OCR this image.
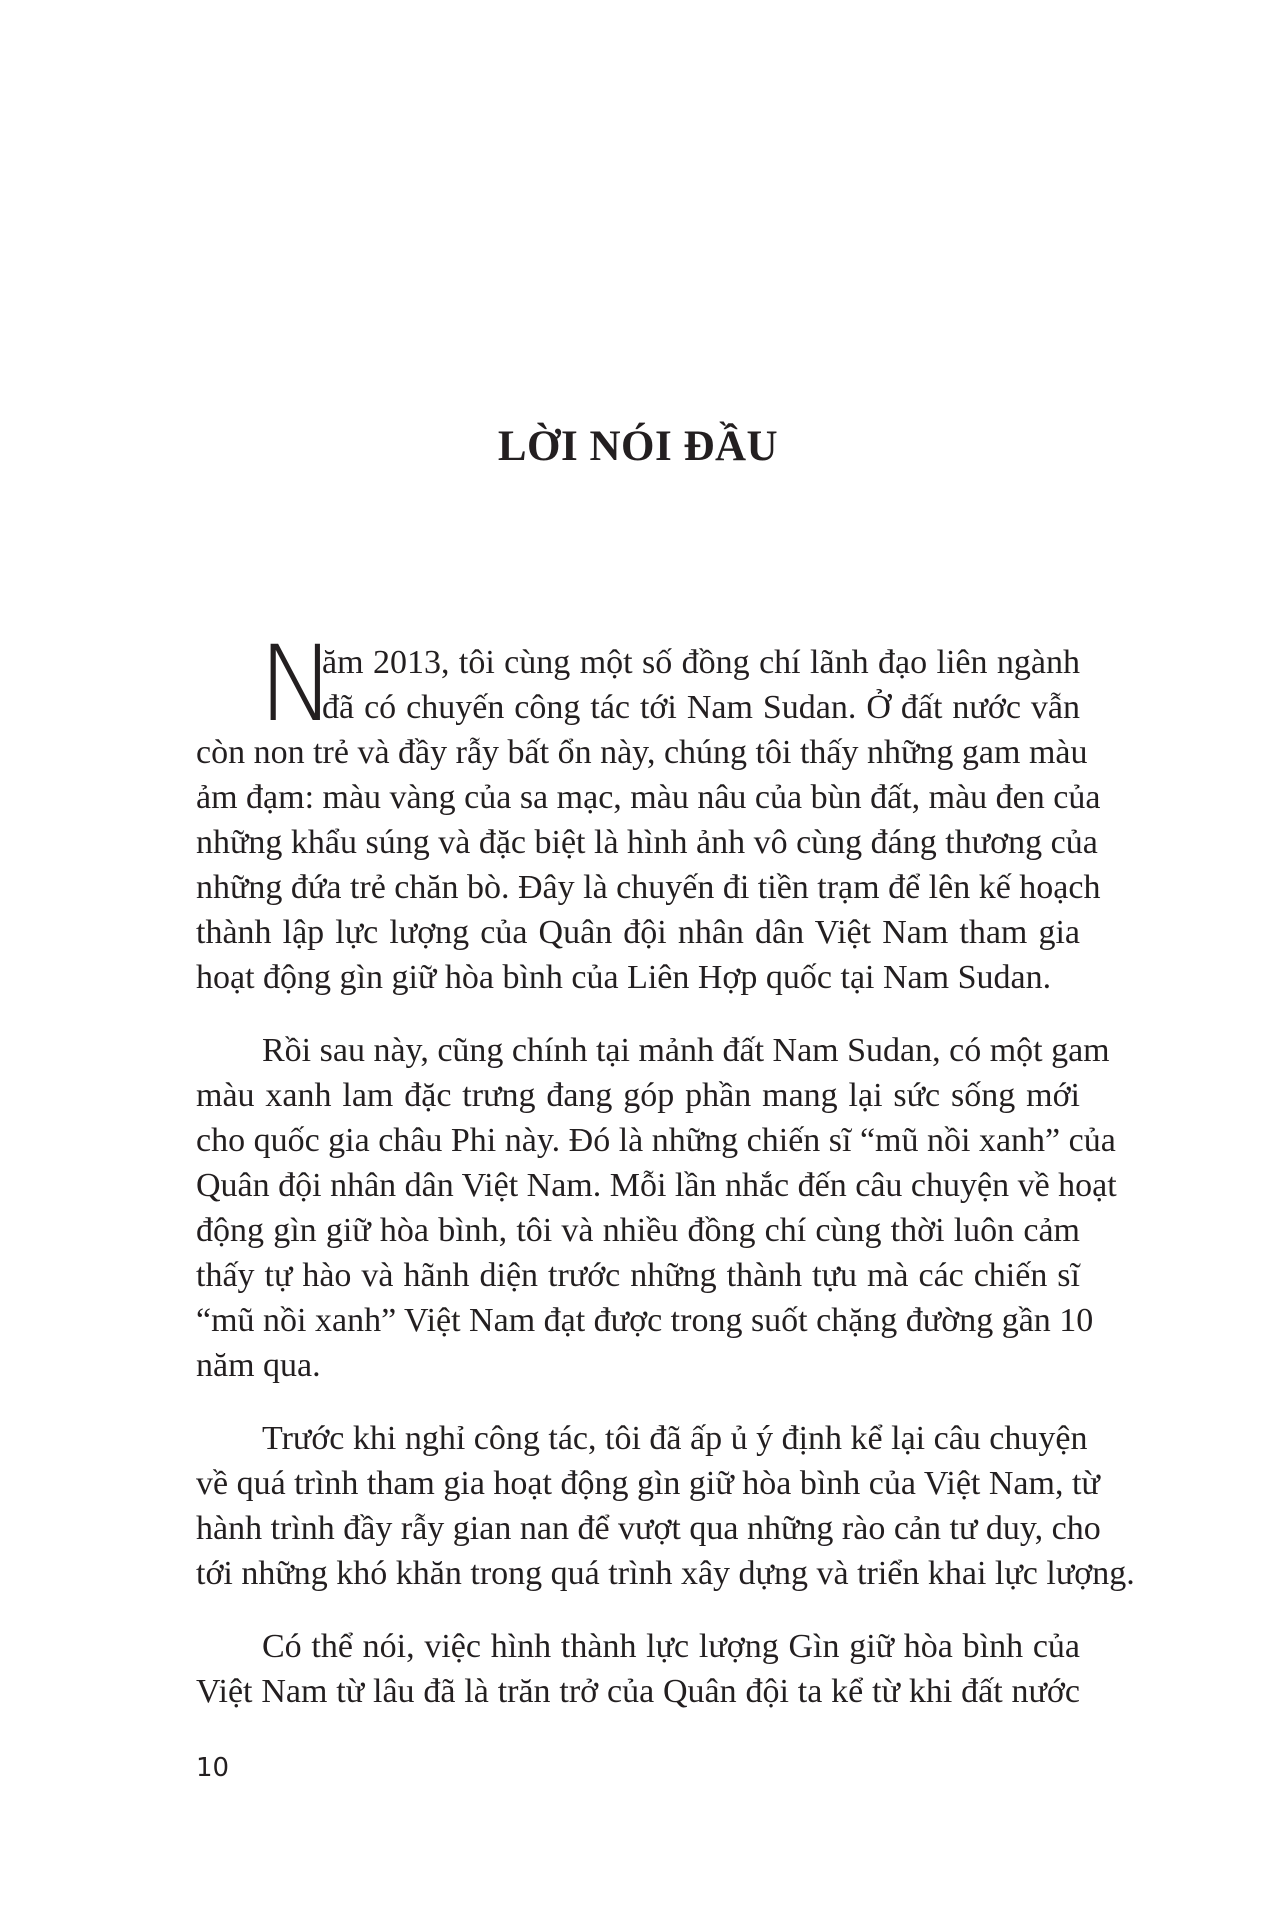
LỜI NÓI ĐẦU
N
ăm 2013, tôi cùng một số đồng chí lãnh đạo liên ngành
đã có chuyến công tác tới Nam Sudan. Ở đất nước vẫn
còn non trẻ và đầy rẫy bất ổn này, chúng tôi thấy những gam màu
ảm đạm: màu vàng của sa mạc, màu nâu của bùn đất, màu đen của
những khẩu súng và đặc biệt là hình ảnh vô cùng đáng thương của
những đứa trẻ chăn bò. Đây là chuyến đi tiền trạm để lên kế hoạch
thành lập lực lượng của Quân đội nhân dân Việt Nam tham gia
hoạt động gìn giữ hòa bình của Liên Hợp quốc tại Nam Sudan.
Rồi sau này, cũng chính tại mảnh đất Nam Sudan, có một gam
màu xanh lam đặc trưng đang góp phần mang lại sức sống mới
cho quốc gia châu Phi này. Đó là những chiến sĩ “mũ nồi xanh” của
Quân đội nhân dân Việt Nam. Mỗi lần nhắc đến câu chuyện về hoạt
động gìn giữ hòa bình, tôi và nhiều đồng chí cùng thời luôn cảm
thấy tự hào và hãnh diện trước những thành tựu mà các chiến sĩ
“mũ nồi xanh” Việt Nam đạt được trong suốt chặng đường gần 10
năm qua.
Trước khi nghỉ công tác, tôi đã ấp ủ ý định kể lại câu chuyện
về quá trình tham gia hoạt động gìn giữ hòa bình của Việt Nam, từ
hành trình đầy rẫy gian nan để vượt qua những rào cản tư duy, cho
tới những khó khăn trong quá trình xây dựng và triển khai lực lượng.
Có thể nói, việc hình thành lực lượng Gìn giữ hòa bình của
Việt Nam từ lâu đã là trăn trở của Quân đội ta kể từ khi đất nước
10
